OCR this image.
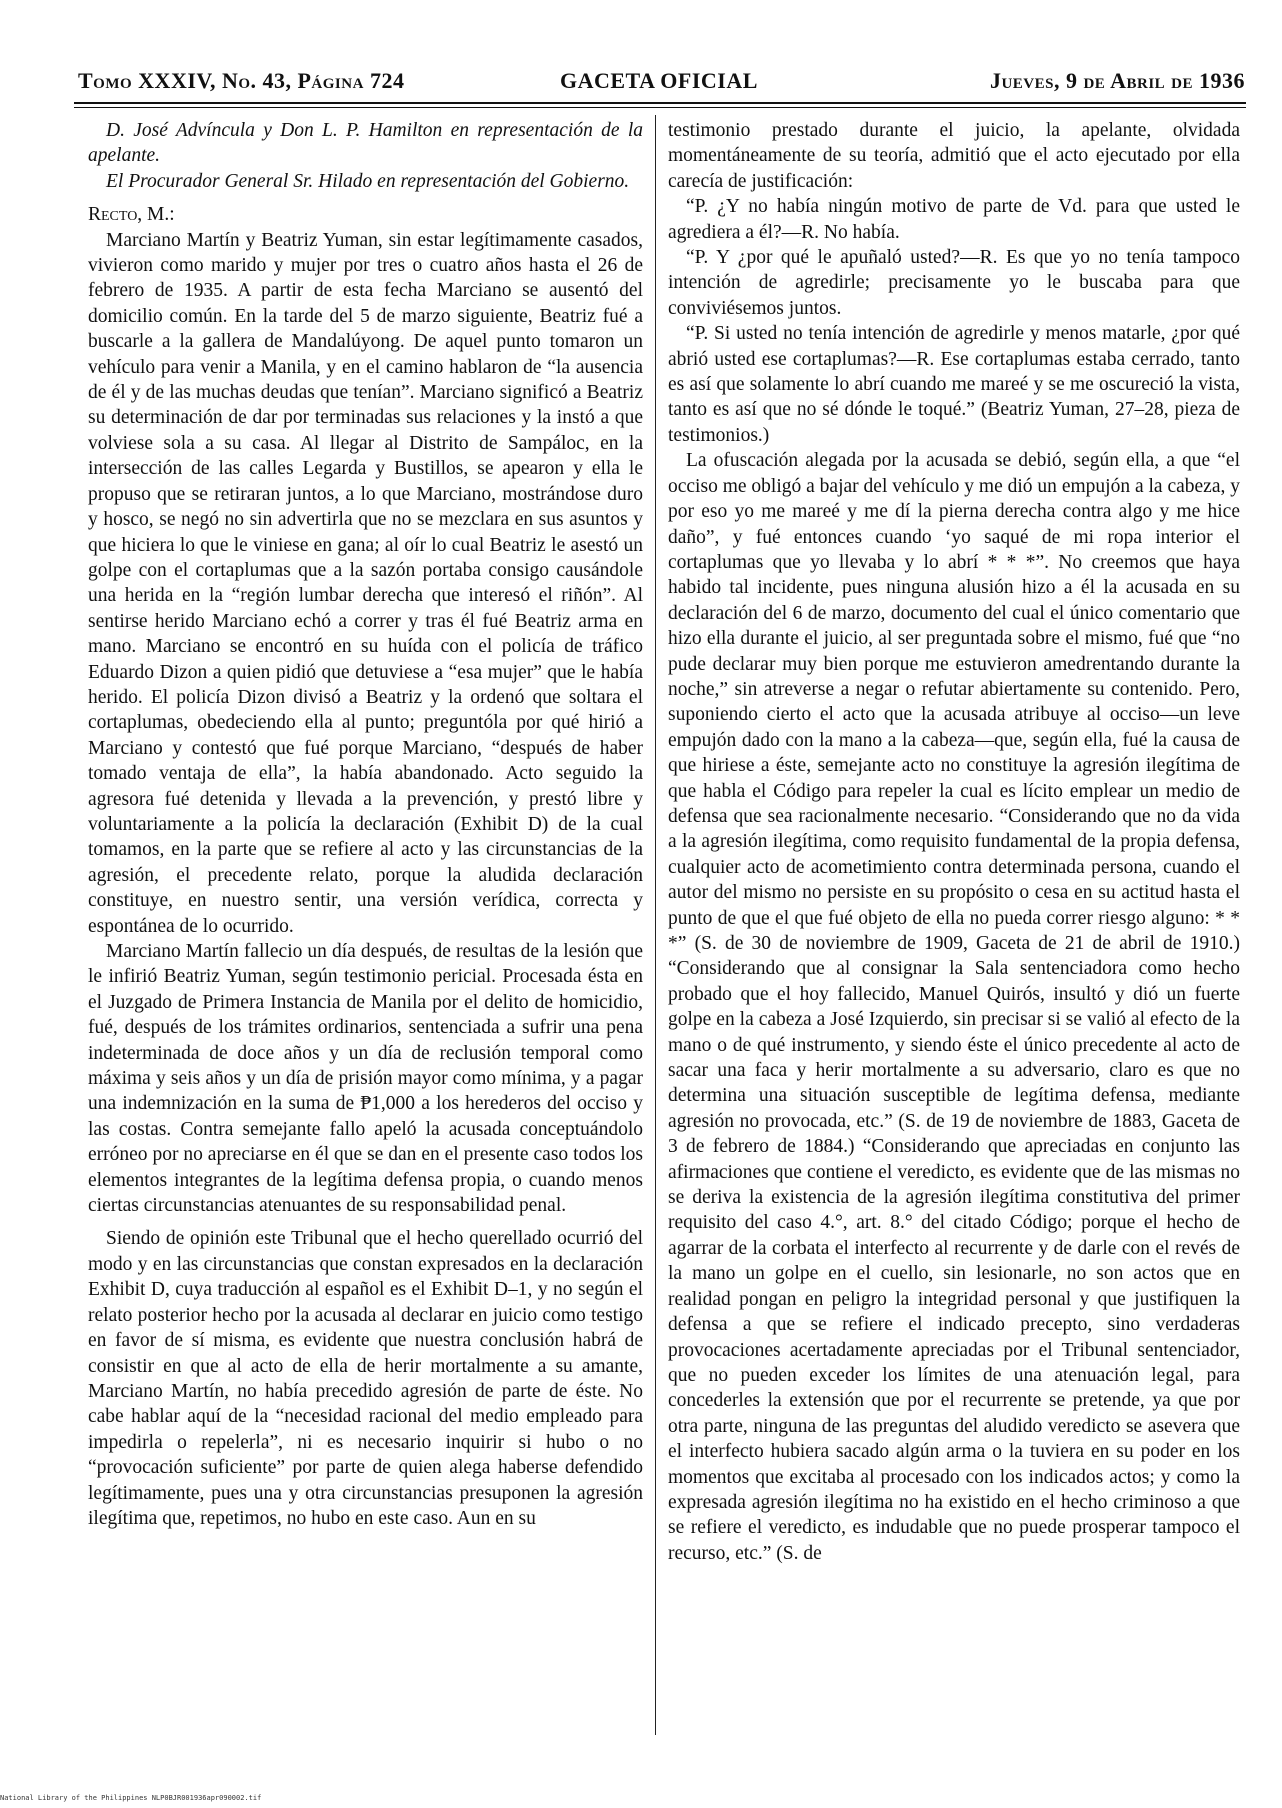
Tomo XXXIV, No. 43, Página 724	GACETA OFICIAL	Jueves, 9 de Abril de 1936

D. José Advíncula y Don L. P. Hamilton en representación de la apelante.

El Procurador General Sr. Hilado en representación del Gobierno.

Recto, M.:

Marciano Martín y Beatriz Yuman, sin estar legítimamente casados, vivieron como marido y mujer por tres o cuatro años hasta el 26 de febrero de 1935. A partir de esta fecha Marciano se ausentó del domicilio común. En la tarde del 5 de marzo siguiente, Beatriz fué a buscarle a la gallera de Mandalúyong. De aquel punto tomaron un vehículo para venir a Manila, y en el camino hablaron de “la ausencia de él y de las muchas deudas que tenían”. Marciano significó a Beatriz su determinación de dar por terminadas sus relaciones y la instó a que volviese sola a su casa. Al llegar al Distrito de Sampáloc, en la intersección de las calles Legarda y Bustillos, se apearon y ella le propuso que se retiraran juntos, a lo que Marciano, mostrándose duro y hosco, se negó no sin advertirla que no se mezclara en sus asuntos y que hiciera lo que le viniese en gana; al oír lo cual Beatriz le asestó un golpe con el cortaplumas que a la sazón portaba consigo causándole una herida en la “región lumbar derecha que interesó el riñón”. Al sentirse herido Marciano echó a correr y tras él fué Beatriz arma en mano. Marciano se encontró en su huída con el policía de tráfico Eduardo Dizon a quien pidió que detuviese a “esa mujer” que le había herido. El policía Dizon divisó a Beatriz y la ordenó que soltara el cortaplumas, obedeciendo ella al punto; preguntóla por qué hirió a Marciano y contestó que fué porque Marciano, “después de haber tomado ventaja de ella”, la había abandonado. Acto seguido la agresora fué detenida y llevada a la prevención, y prestó libre y voluntariamente a la policía la declaración (Exhibit D) de la cual tomamos, en la parte que se refiere al acto y las circunstancias de la agresión, el precedente relato, porque la aludida declaración constituye, en nuestro sentir, una versión verídica, correcta y espontánea de lo ocurrido.

Marciano Martín fallecio un día después, de resultas de la lesión que le infirió Beatriz Yuman, según testimonio pericial. Procesada ésta en el Juzgado de Primera Instancia de Manila por el delito de homicidio, fué, después de los trámites ordinarios, sentenciada a sufrir una pena indeterminada de doce años y un día de reclusión temporal como máxima y seis años y un día de prisión mayor como mínima, y a pagar una indemnización en la suma de ₱1,000 a los herederos del occiso y las costas. Contra semejante fallo apeló la acusada conceptuándolo erróneo por no apreciarse en él que se dan en el presente caso todos los elementos integrantes de la legítima defensa propia, o cuando menos ciertas circunstancias atenuantes de su responsabilidad penal.

Siendo de opinión este Tribunal que el hecho querellado ocurrió del modo y en las circunstancias que constan expresados en la declaración Exhibit D, cuya traducción al español es el Exhibit D–1, y no según el relato posterior hecho por la acusada al declarar en juicio como testigo en favor de sí misma, es evidente que nuestra conclusión habrá de consistir en que al acto de ella de herir mortalmente a su amante, Marciano Martín, no había precedido agresión de parte de éste. No cabe hablar aquí de la “necesidad racional del medio empleado para impedirla o repelerla”, ni es necesario inquirir si hubo o no “provocación suficiente” por parte de quien alega haberse defendido legítimamente, pues una y otra circunstancias presuponen la agresión ilegítima que, repetimos, no hubo en este caso. Aun en su

testimonio prestado durante el juicio, la apelante, olvidada momentáneamente de su teoría, admitió que el acto ejecutado por ella carecía de justificación:

“P. ¿Y no había ningún motivo de parte de Vd. para que usted le agrediera a él?—R. No había.

“P. Y ¿por qué le apuñaló usted?—R. Es que yo no tenía tampoco intención de agredirle; precisamente yo le buscaba para que conviviésemos juntos.

“P. Si usted no tenía intención de agredirle y menos matarle, ¿por qué abrió usted ese cortaplumas?—R. Ese cortaplumas estaba cerrado, tanto es así que solamente lo abrí cuando me mareé y se me oscureció la vista, tanto es así que no sé dónde le toqué.” (Beatriz Yuman, 27–28, pieza de testimonios.)

La ofuscación alegada por la acusada se debió, según ella, a que “el occiso me obligó a bajar del vehículo y me dió un empujón a la cabeza, y por eso yo me mareé y me dí la pierna derecha contra algo y me hice daño”, y fué entonces cuando ‘yo saqué de mi ropa interior el cortaplumas que yo llevaba y lo abrí * * *”. No creemos que haya habido tal incidente, pues ninguna alusión hizo a él la acusada en su declaración del 6 de marzo, documento del cual el único comentario que hizo ella durante el juicio, al ser preguntada sobre el mismo, fué que “no pude declarar muy bien porque me estuvieron amedrentando durante la noche,” sin atreverse a negar o refutar abiertamente su contenido. Pero, suponiendo cierto el acto que la acusada atribuye al occiso—un leve empujón dado con la mano a la cabeza—que, según ella, fué la causa de que hiriese a éste, semejante acto no constituye la agresión ilegítima de que habla el Código para repeler la cual es lícito emplear un medio de defensa que sea racionalmente necesario. “Considerando que no da vida a la agresión ilegítima, como requisito fundamental de la propia defensa, cualquier acto de acometimiento contra determinada persona, cuando el autor del mismo no persiste en su propósito o cesa en su actitud hasta el punto de que el que fué objeto de ella no pueda correr riesgo alguno: * * *” (S. de 30 de noviembre de 1909, Gaceta de 21 de abril de 1910.) “Considerando que al consignar la Sala sentenciadora como hecho probado que el hoy fallecido, Manuel Quirós, insultó y dió un fuerte golpe en la cabeza a José Izquierdo, sin precisar si se valió al efecto de la mano o de qué instrumento, y siendo éste el único precedente al acto de sacar una faca y herir mortalmente a su adversario, claro es que no determina una situación susceptible de legítima defensa, mediante agresión no provocada, etc.” (S. de 19 de noviembre de 1883, Gaceta de 3 de febrero de 1884.) “Considerando que apreciadas en conjunto las afirmaciones que contiene el veredicto, es evidente que de las mismas no se deriva la existencia de la agresión ilegítima constitutiva del primer requisito del caso 4.°, art. 8.° del citado Código; porque el hecho de agarrar de la corbata el interfecto al recurrente y de darle con el revés de la mano un golpe en el cuello, sin lesionarle, no son actos que en realidad pongan en peligro la integridad personal y que justifiquen la defensa a que se refiere el indicado precepto, sino verdaderas provocaciones acertadamente apreciadas por el Tribunal sentenciador, que no pueden exceder los límites de una atenuación legal, para concederles la extensión que por el recurrente se pretende, ya que por otra parte, ninguna de las preguntas del aludido veredicto se asevera que el interfecto hubiera sacado algún arma o la tuviera en su poder en los momentos que excitaba al procesado con los indicados actos; y como la expresada agresión ilegítima no ha existido en el hecho criminoso a que se refiere el veredicto, es indudable que no puede prosperar tampoco el recurso, etc.” (S. de

National Library of the Philippines NLP0BJR001936apr090002.tif
